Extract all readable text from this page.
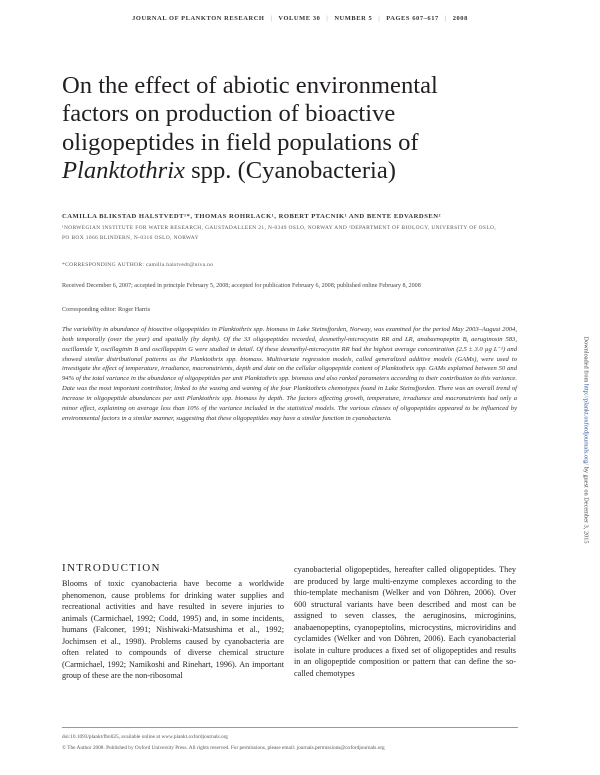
JOURNAL OF PLANKTON RESEARCH | VOLUME 30 | NUMBER 5 | PAGES 607–617 | 2008
On the effect of abiotic environmental
factors on production of bioactive
oligopeptides in field populations of
Planktothrix spp. (Cyanobacteria)
CAMILLA BLIKSTAD HALSTVEDT¹*, THOMAS ROHRLACK¹, ROBERT PTACNIK¹ AND BENTE EDVARDSEN²
¹NORWEGIAN INSTITUTE FOR WATER RESEARCH, GAUSTADALLEEN 21, N-0349 OSLO, NORWAY AND ²DEPARTMENT OF BIOLOGY, UNIVERSITY OF OSLO,
PO BOX 1066 BLINDERN, N-0316 OSLO, NORWAY
*CORRESPONDING AUTHOR: camilla.halstvedt@niva.no
Received December 6, 2007; accepted in principle February 5, 2008; accepted for publication February 6, 2008; published online February 8, 2008
Corresponding editor: Roger Harris

The variability in abundance of bioactive oligopeptides in Planktothrix spp. biomass in Lake Steinsfjorden, Norway, was examined for the period May 2003–August 2004, both temporally (over the year) and spatially (by depth). Of the 33 oligopeptides recorded, desmethyl-microcystin RR and LR, anabaenopeptin B, aeruginosin 583, oscillamide Y, oscillaginin B and oscillapeptin G were studied in detail. Of these desmethyl-microcystin RR had the highest average concentration (2.5 ± 3.0 µg L⁻¹) and showed similar distributional patterns as the Planktothrix spp. biomass. Multivariate regression models, called generalized additive models (GAMs), were used to investigate the effect of temperature, irradiance, macronutrients, depth and date on the cellular oligopeptide content of Planktothrix spp. GAMs explained between 50 and 94% of the total variance in the abundance of oligopeptides per unit Planktothrix spp. biomass and also ranked parameters according to their contribution to this variance. Date was the most important contributor, linked to the waxing and waning of the four Planktothrix chemotypes found in Lake Steinsfjorden. There was an overall trend of increase in oligopeptide abundances per unit Planktothrix spp. biomass by depth. The factors affecting growth, temperature, irradiance and macronutrients had only a minor effect, explaining on average less than 10% of the variance included in the statistical models. The various classes of oligopeptides appeared to be influenced by environmental factors in a similar manner, suggesting that these oligopeptides may have a similar function in cyanobacteria.

INTRODUCTION

Blooms of toxic cyanobacteria have become a worldwide phenomenon, cause problems for drinking water supplies and recreational activities and have resulted in severe injuries to animals (Carmichael, 1992; Codd, 1995) and, in some incidents, humans (Falconer, 1991; Nishiwaki-Matsushima et al., 1992; Jochimsen et al., 1998). Problems caused by cyanobacteria are often related to compounds of diverse chemical structure (Carmichael, 1992; Namikoshi and Rinehart, 1996). An important group of these are the non-ribosomal

cyanobacterial oligopeptides, hereafter called oligopeptides. They are produced by large multi-enzyme complexes according to the thio-template mechanism (Welker and von Döhren, 2006). Over 600 structural variants have been described and most can be assigned to seven classes, the aeruginosins, microginins, anabaenopeptins, cyanopeptolins, microcystins, microviridins and cyclamides (Welker and von Döhren, 2006). Each cyanobacterial isolate in culture produces a fixed set of oligopeptides and results in an oligopeptide composition or pattern that can define the so-called chemotypes

doi:10.1093/plankt/fbn025, available online at www.plankt.oxfordjournals.org
© The Author 2008. Published by Oxford University Press. All rights reserved. For permissions, please email: journals.permissions@oxfordjournals.org
Downloaded from http://plankt.oxfordjournals.org/ by guest on December 3, 2015
